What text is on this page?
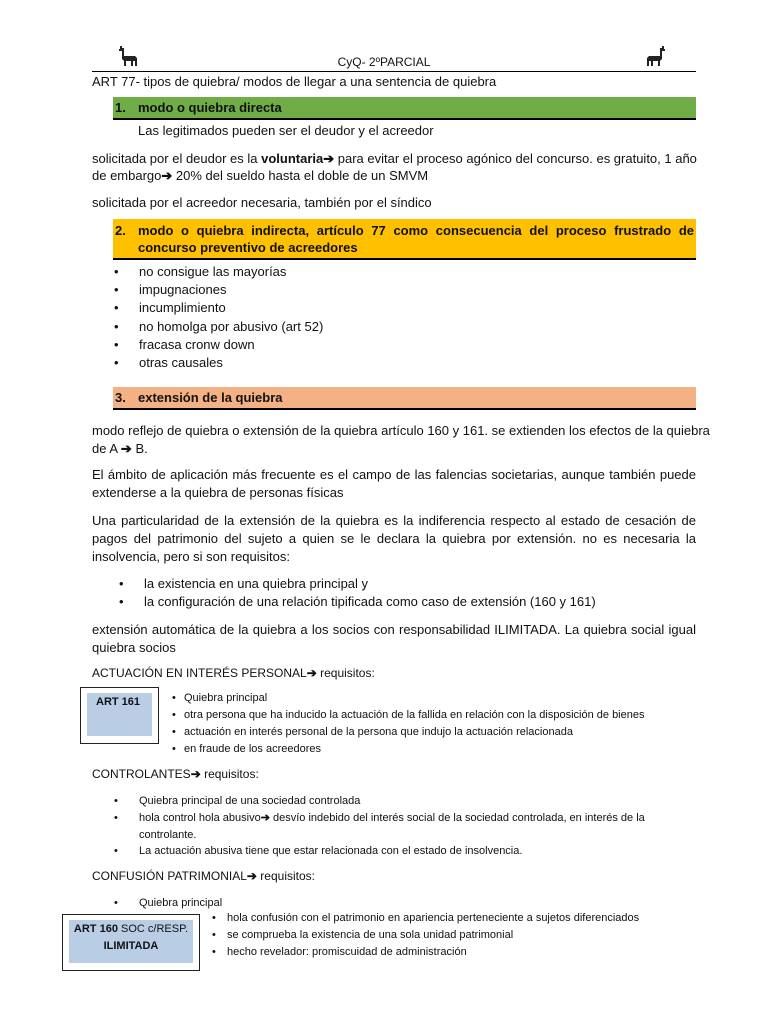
CyQ- 2ºPARCIAL
ART 77- tipos de quiebra/ modos de llegar a una sentencia de quiebra
1. modo o quiebra directa
Las legitimados pueden ser el deudor y el acreedor
solicitada por el deudor es la voluntaria➔ para evitar el proceso agónico del concurso. es gratuito, 1 año
de embargo➔ 20% del sueldo hasta el doble de un SMVM
solicitada por el acreedor necesaria, también por el síndico
2. modo o quiebra indirecta, artículo 77 como consecuencia del proceso frustrado de concurso preventivo de acreedores
• no consigue las mayorías
• impugnaciones
• incumplimiento
• no homolga por abusivo (art 52)
• fracasa cronw down
• otras causales
3. extensión de la quiebra
modo reflejo de quiebra o extensión de la quiebra artículo 160 y 161. se extienden los efectos de la quiebra
de A ➔ B.
El ámbito de aplicación más frecuente es el campo de las falencias societarias, aunque también puede extenderse a la quiebra de personas físicas
Una particularidad de la extensión de la quiebra es la indiferencia respecto al estado de cesación de pagos del patrimonio del sujeto a quien se le declara la quiebra por extensión. no es necesaria la insolvencia, pero si son requisitos:
• la existencia en una quiebra principal y
• la configuración de una relación tipificada como caso de extensión (160 y 161)
extensión automática de la quiebra a los socios con responsabilidad ILIMITADA. La quiebra social igual quiebra socios
ACTUACIÓN EN INTERÉS PERSONAL➔ requisitos:
ART 161	• Quiebra principal
• otra persona que ha inducido la actuación de la fallida en relación con la disposición de bienes
• actuación en interés personal de la persona que indujo la actuación relacionada
• en fraude de los acreedores
CONTROLANTES➔ requisitos:
• Quiebra principal de una sociedad controlada
• hola control hola abusivo➔ desvío indebido del interés social de la sociedad controlada, en interés de la
controlante.
• La actuación abusiva tiene que estar relacionada con el estado de insolvencia.
CONFUSIÓN PATRIMONIAL➔ requisitos:
• Quiebra principal
ART 160 SOC c/RESP.
ILIMITADA
• hola confusión con el patrimonio en apariencia perteneciente a sujetos diferenciados
• se comprueba la existencia de una sola unidad patrimonial
• hecho revelador: promiscuidad de administración
